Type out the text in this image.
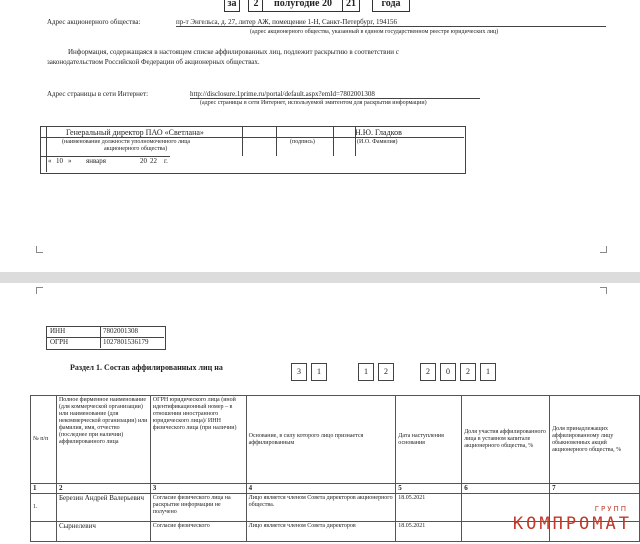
за	2	полугодие 20	21	года
Адрес акционерного общества:	пр-т Энгельса, д. 27, литер АЖ, помещение 1-Н, Санкт-Петербург, 194156
(адрес акционерного общества, указанный в едином государственном реестре юридических лиц)
Информация, содержащаяся в настоящем списке аффилированных лиц, подлежит раскрытию в соответствии с
законодательством Российской Федерации об акционерных обществах.
Адрес страницы в сети Интернет:	http://disclosure.1prime.ru/portal/default.aspx?emId=7802001308
(адрес страницы в сети Интернет, используемой эмитентом для раскрытия информации)
Генеральный директор ПАО «Светлана»
(наименование должности уполномоченного лица
акционерного общества)
(подпись)
Н.Ю. Гладков
(И.О. Фамилия)
« 10 » января	20 22 г.
ИНН	7802001308
ОГРН	1027801536179
Раздел 1. Состав аффилированных лиц на	3	1	1	2	2	0	2	1
№ п/п	Полное фирменное наименование (для коммерческой организации) или наименование (для некоммерческой организации) или фамилия, имя, отчество (последнее при наличии) аффилированного лица	ОГРН юридического лица (иной идентификационный номер – в отношении иностранного юридического лица)/ ИНН физического лица (при наличии)	Основание, в силу которого лицо признается аффилированным	Дата наступления основания	Доля участия аффилированного лица в уставном капитале акционерного общества, %	Доля принадлежащих аффилированному лицу обыкновенных акций акционерного общества, %
1	2	3	4	5	6	7
1.	Березин Андрей Валерьевич	Согласие физического лица на раскрытие информации не получено	Лицо является членом Совета директоров акционерного общества.	18.05.2021		
	Сырнелевич	Согласие физического	Лицо является членом Совета директоров	18.05.2021		
ГРУПП
КОМПРОМАТ
